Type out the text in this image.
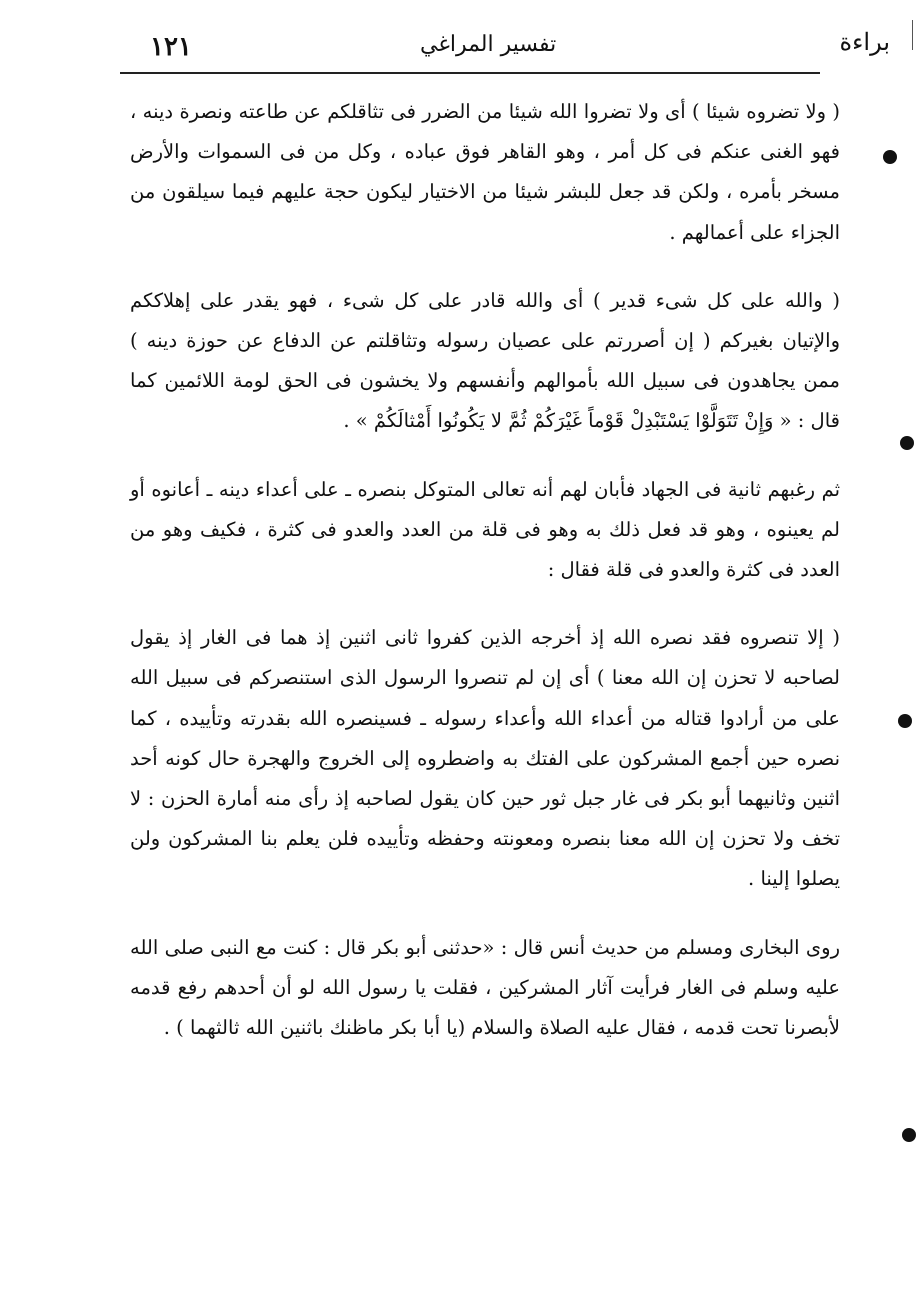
١٢١	تفسير المراغي	براءة

( ولا تضروه شيئا ) أى ولا تضروا الله شيئا من الضرر فى تثاقلكم عن طاعته ونصرة دينه ، فهو الغنى عنكم فى كل أمر ، وهو القاهر فوق عباده ، وكل من فى السموات والأرض مسخر بأمره ، ولكن قد جعل للبشر شيئا من الاختيار ليكون حجة عليهم فيما سيلقون من الجزاء على أعمالهم .

( والله على كل شىء قدير ) أى والله قادر على كل شىء ، فهو يقدر على إهلاككم والإتيان بغيركم ( إن أصررتم على عصيان رسوله وتثاقلتم عن الدفاع عن حوزة دينه ) ممن يجاهدون فى سبيل الله بأموالهم وأنفسهم ولا يخشون فى الحق لومة اللائمين كما قال : « وَإِنْ تَتَوَلَّوْا يَسْتَبْدِلْ قَوْماً غَيْرَكُمْ ثُمَّ لا يَكُونُوا أَمْثالَكُمْ » .

ثم رغبهم ثانية فى الجهاد فأبان لهم أنه تعالى المتوكل بنصره ـ على أعداء دينه ـ أعانوه أو لم يعينوه ، وهو قد فعل ذلك به وهو فى قلة من العدد والعدو فى كثرة ، فكيف وهو من العدد فى كثرة والعدو فى قلة فقال :

( إلا تنصروه فقد نصره الله إذ أخرجه الذين كفروا ثانى اثنين إذ هما فى الغار إذ يقول لصاحبه لا تحزن إن الله معنا ) أى إن لم تنصروا الرسول الذى استنصركم فى سبيل الله على من أرادوا قتاله من أعداء الله وأعداء رسوله ـ فسينصره الله بقدرته وتأييده ، كما نصره حين أجمع المشركون على الفتك به واضطروه إلى الخروج والهجرة حال كونه أحد اثنين وثانيهما أبو بكر فى غار جبل ثور حين كان يقول لصاحبه إذ رأى منه أمارة الحزن : لا تخف ولا تحزن إن الله معنا بنصره ومعونته وحفظه وتأييده فلن يعلم بنا المشركون ولن يصلوا إلينا .

روى البخارى ومسلم من حديث أنس قال : «حدثنى أبو بكر قال : كنت مع النبى صلى الله عليه وسلم فى الغار فرأيت آثار المشركين ، فقلت يا رسول الله لو أن أحدهم رفع قدمه لأبصرنا تحت قدمه ، فقال عليه الصلاة والسلام (يا أبا بكر ماظنك باثنين الله ثالثهما ) .
